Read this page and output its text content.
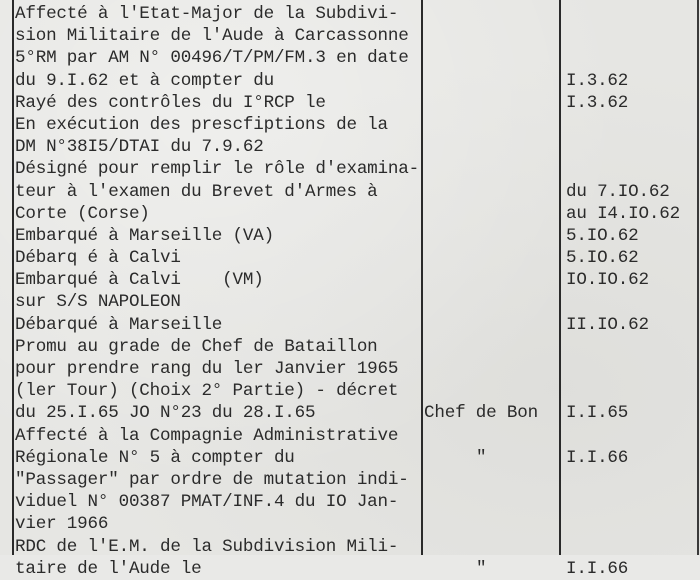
Affecté à l'Etat-Major de la Subdivi-
sion Militaire de l'Aude à Carcassonne
5°RM par AM N° 00496/T/PM/FM.3 en date
du 9.I.62 et à compter du
Rayé des contrôles du I°RCP le
En exécution des prescfiptions de la
DM N°38I5/DTAI du 7.9.62
Désigné pour remplir le rôle d'examina-
teur à l'examen du Brevet d'Armes à
Corte (Corse)
Embarqué à Marseille (VA)
Débarq é à Calvi
Embarqué à Calvi    (VM)
sur S/S NAPOLEON
Débarqué à Marseille
Promu au grade de Chef de Bataillon
pour prendre rang du ler Janvier 1965
(ler Tour) (Choix 2° Partie) - décret
du 25.I.65 JO N°23 du 28.I.65
Affecté à la Compagnie Administrative
Régionale N° 5 à compter du
"Passager" par ordre de mutation indi-
viduel N° 00387 PMAT/INF.4 du IO Jan-
vier 1966
RDC de l'E.M. de la Subdivision Mili-
taire de l'Aude le
Chef de Bon
"
"
I.3.62
I.3.62
du 7.IO.62
au I4.IO.62
5.IO.62
5.IO.62
IO.IO.62
II.IO.62
I.I.65
I.I.66
I.I.66
